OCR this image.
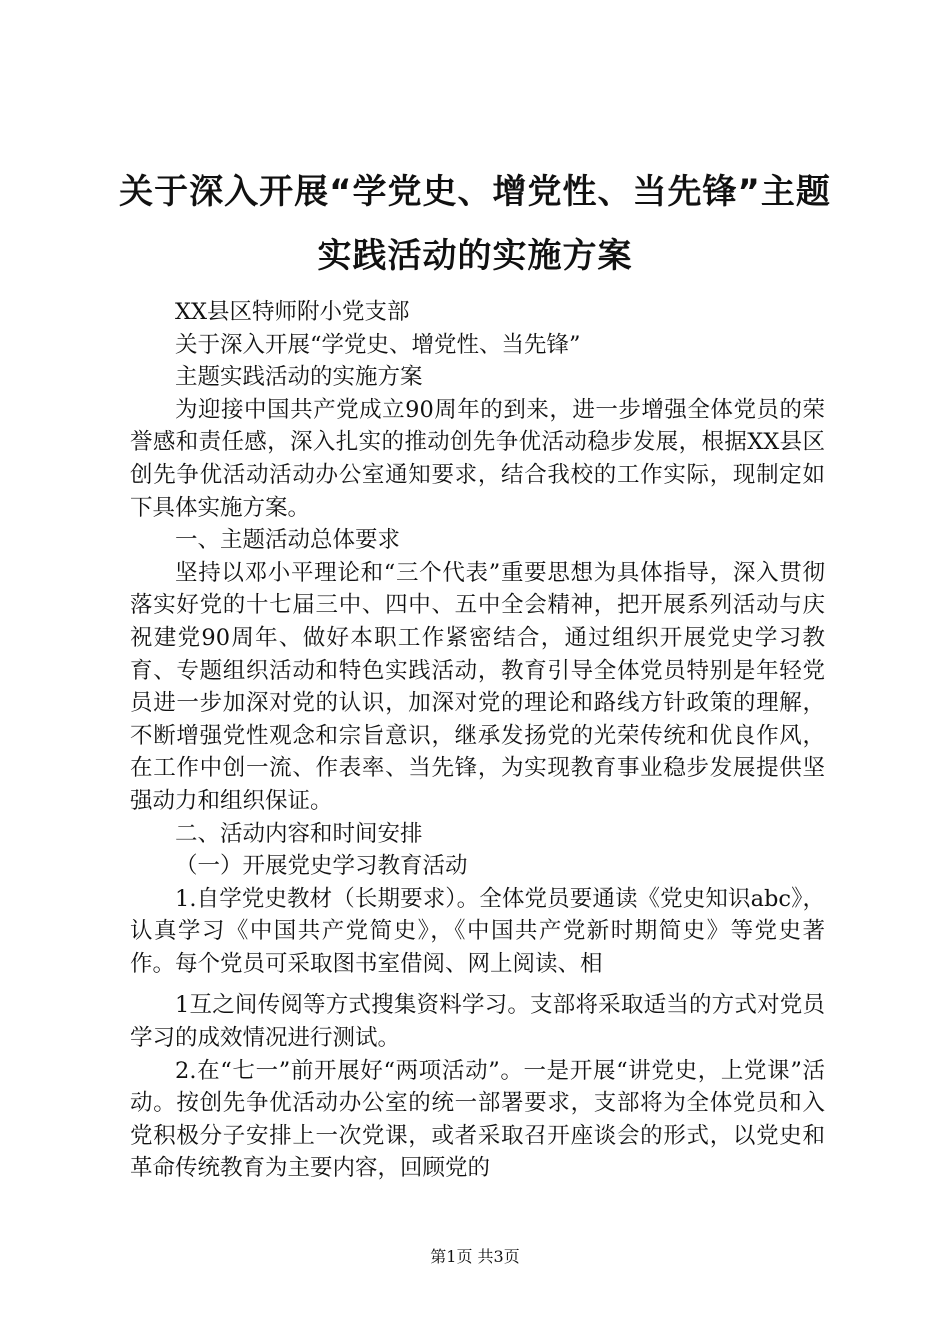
关于深入开展“学党史、增党性、当先锋”主题实践活动的实施方案

XX县区特师附小党支部

关于深入开展“学党史、增党性、当先锋”

主题实践活动的实施方案

为迎接中国共产党成立90周年的到来，进一步增强全体党员的荣誉感和责任感，深入扎实的推动创先争优活动稳步发展，根据XX县区创先争优活动活动办公室通知要求，结合我校的工作实际，现制定如下具体实施方案。

一、主题活动总体要求

坚持以邓小平理论和“三个代表”重要思想为具体指导，深入贯彻落实好党的十七届三中、四中、五中全会精神，把开展系列活动与庆祝建党90周年、做好本职工作紧密结合，通过组织开展党史学习教育、专题组织活动和特色实践活动，教育引导全体党员特别是年轻党员进一步加深对党的认识，加深对党的理论和路线方针政策的理解，不断增强党性观念和宗旨意识，继承发扬党的光荣传统和优良作风，在工作中创一流、作表率、当先锋，为实现教育事业稳步发展提供坚强动力和组织保证。

二、活动内容和时间安排

（一）开展党史学习教育活动

1.自学党史教材（长期要求）。全体党员要通读《党史知识abc》，认真学习《中国共产党简史》，《中国共产党新时期简史》等党史著作。每个党员可采取图书室借阅、网上阅读、相

1互之间传阅等方式搜集资料学习。支部将采取适当的方式对党员学习的成效情况进行测试。

2.在“七一”前开展好“两项活动”。一是开展“讲党史，上党课”活动。按创先争优活动办公室的统一部署要求，支部将为全体党员和入党积极分子安排上一次党课，或者采取召开座谈会的形式，以党史和革命传统教育为主要内容，回顾党的

第1页 共3页
